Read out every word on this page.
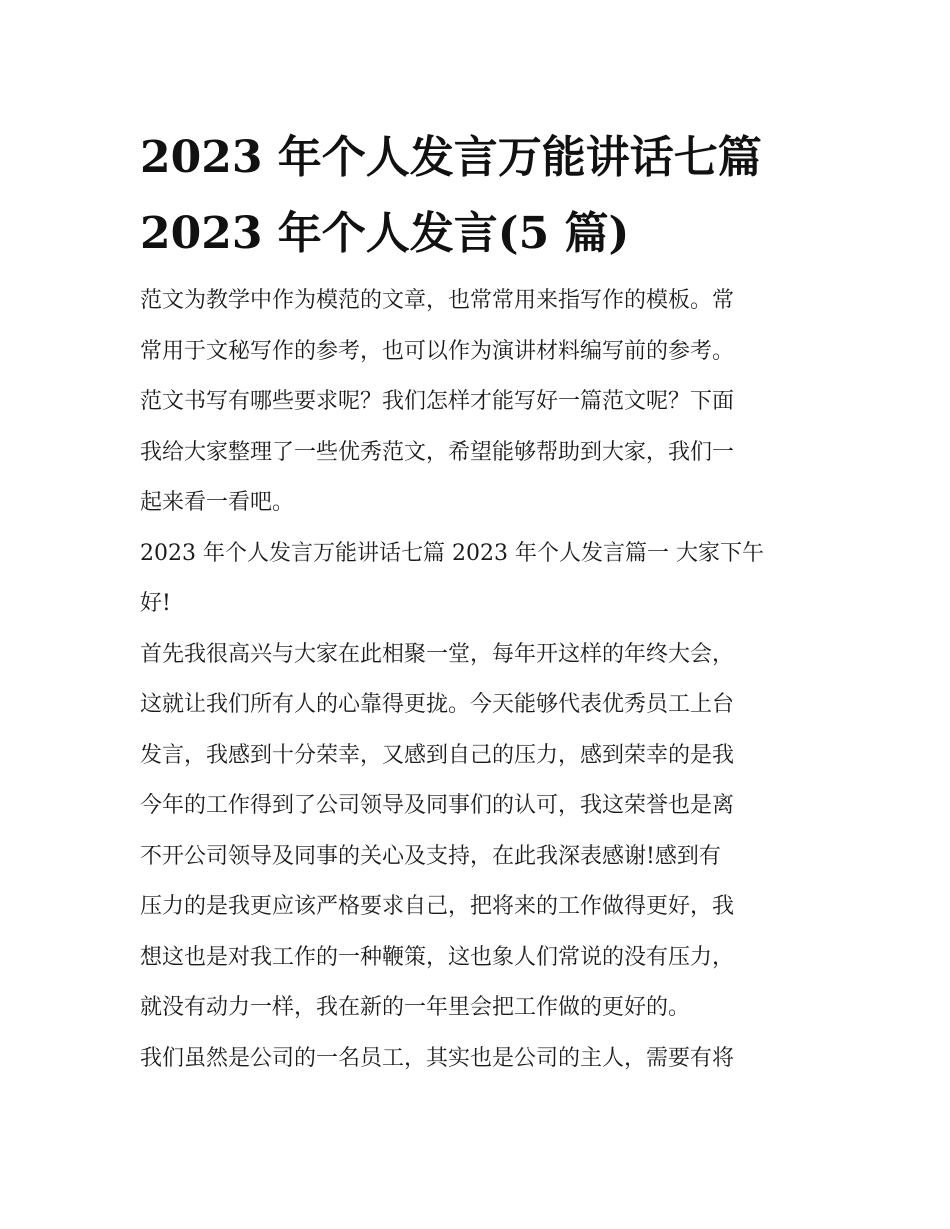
2023 年个人发言万能讲话七篇
2023 年个人发言(5 篇)
范文为教学中作为模范的文章，也常常用来指写作的模板。常
常用于文秘写作的参考，也可以作为演讲材料编写前的参考。
范文书写有哪些要求呢？我们怎样才能写好一篇范文呢？下面
我给大家整理了一些优秀范文，希望能够帮助到大家，我们一
起来看一看吧。
2023 年个人发言万能讲话七篇 2023 年个人发言篇一 大家下午
好!
首先我很高兴与大家在此相聚一堂，每年开这样的年终大会，
这就让我们所有人的心靠得更拢。今天能够代表优秀员工上台
发言，我感到十分荣幸，又感到自己的压力，感到荣幸的是我
今年的工作得到了公司领导及同事们的认可，我这荣誉也是离
不开公司领导及同事的关心及支持，在此我深表感谢!感到有
压力的是我更应该严格要求自己，把将来的工作做得更好，我
想这也是对我工作的一种鞭策，这也象人们常说的没有压力，
就没有动力一样，我在新的一年里会把工作做的更好的。
我们虽然是公司的一名员工，其实也是公司的主人，需要有将
